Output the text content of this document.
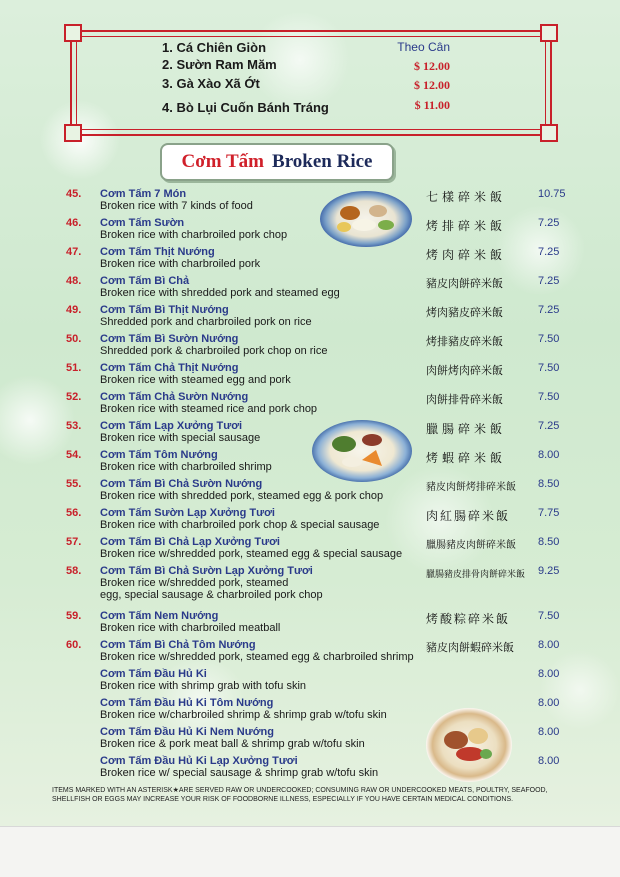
1. Cá Chiên Giòn	Theo Cân
2. Sườn Ram Măm	$ 12.00
3. Gà Xào Xã Ớt	$ 12.00
4. Bò Lụi Cuốn Bánh Tráng	$ 11.00
Cơm Tấm Broken Rice
45. Cơm Tấm 7 Món
Broken rice with 7 kinds of food
七樣碎米飯	10.75
46. Cơm Tấm Sườn
Broken rice with charbroiled pork chop
烤排碎米飯	7.25
47. Cơm Tấm Thịt Nướng
Broken rice with charbroiled pork
烤肉碎米飯	7.25
48. Cơm Tấm Bì Chả
Broken rice with shredded pork and steamed egg
豬皮肉餅碎米飯	7.25
49. Cơm Tấm Bì Thịt Nướng
Shredded pork and charbroiled pork on rice
烤肉豬皮碎米飯	7.25
50. Cơm Tấm Bì Sườn Nướng
Shredded pork & charbroiled pork chop on rice
烤排豬皮碎米飯	7.50
51. Cơm Tấm Chả Thịt Nướng
Broken rice with steamed egg and pork
肉餅烤肉碎米飯	7.50
52. Cơm Tấm Chả Sườn Nướng
Broken rice with steamed rice and pork chop
肉餅排骨碎米飯	7.50
53. Cơm Tấm Lạp Xưởng Tươi
Broken rice with special sausage
臘腸碎米飯	7.25
54. Cơm Tấm Tôm Nướng
Broken rice with charbroiled shrimp
烤蝦碎米飯	8.00
55. Cơm Tấm Bì Chả Sườn Nướng
Broken rice with shredded pork, steamed egg & pork chop
豬皮肉餅烤排碎米飯 8.50
56. Cơm Tấm Sườn Lạp Xưởng Tươi
Broken rice with charbroiled pork chop & special sausage
肉紅腸碎米飯	7.75
57. Cơm Tấm Bì Chả Lạp Xưởng Tươi
Broken rice w/shredded pork, steamed egg & special sausage
臘腸豬皮肉餅碎米飯 8.50
58. Cơm Tấm Bì Chả Sườn Lạp Xưởng Tươi
Broken rice w/shredded pork, steamed
egg, special sausage & charbroiled pork chop
臘腸豬皮排骨肉餅碎米飯 9.25
59. Cơm Tấm Nem Nướng
Broken rice with charbroiled meatball
烤酸粽碎米飯	7.50
60. Cơm Tấm Bì Chả Tôm Nướng
Broken rice w/shredded pork, steamed egg & charbroiled shrimp
豬皮肉餅蝦碎米飯 8.00
Cơm Tấm Đầu Hủ Ki
Broken rice with shrimp grab with tofu skin
8.00
Cơm Tấm Đầu Hủ Ki Tôm Nướng
Broken rice w/charbroiled shrimp & shrimp grab w/tofu skin
8.00
Cơm Tấm Đầu Hủ Ki Nem Nướng
Broken rice & pork meat ball & shrimp grab w/tofu skin
8.00
Cơm Tấm Đầu Hủ Ki Lạp Xưởng Tươi
Broken rice w/ special sausage & shrimp grab w/tofu skin
8.00
ITEMS MARKED WITH AN ASTERISK★ARE SERVED RAW OR UNDERCOOKED; CONSUMING RAW OR UNDERCOOKED MEATS, POULTRY, SEAFOOD, SHELLFISH OR EGGS MAY INCREASE YOUR RISK OF FOODBORNE ILLNESS, ESPECIALLY IF YOU HAVE CERTAIN MEDICAL CONDITIONS.
